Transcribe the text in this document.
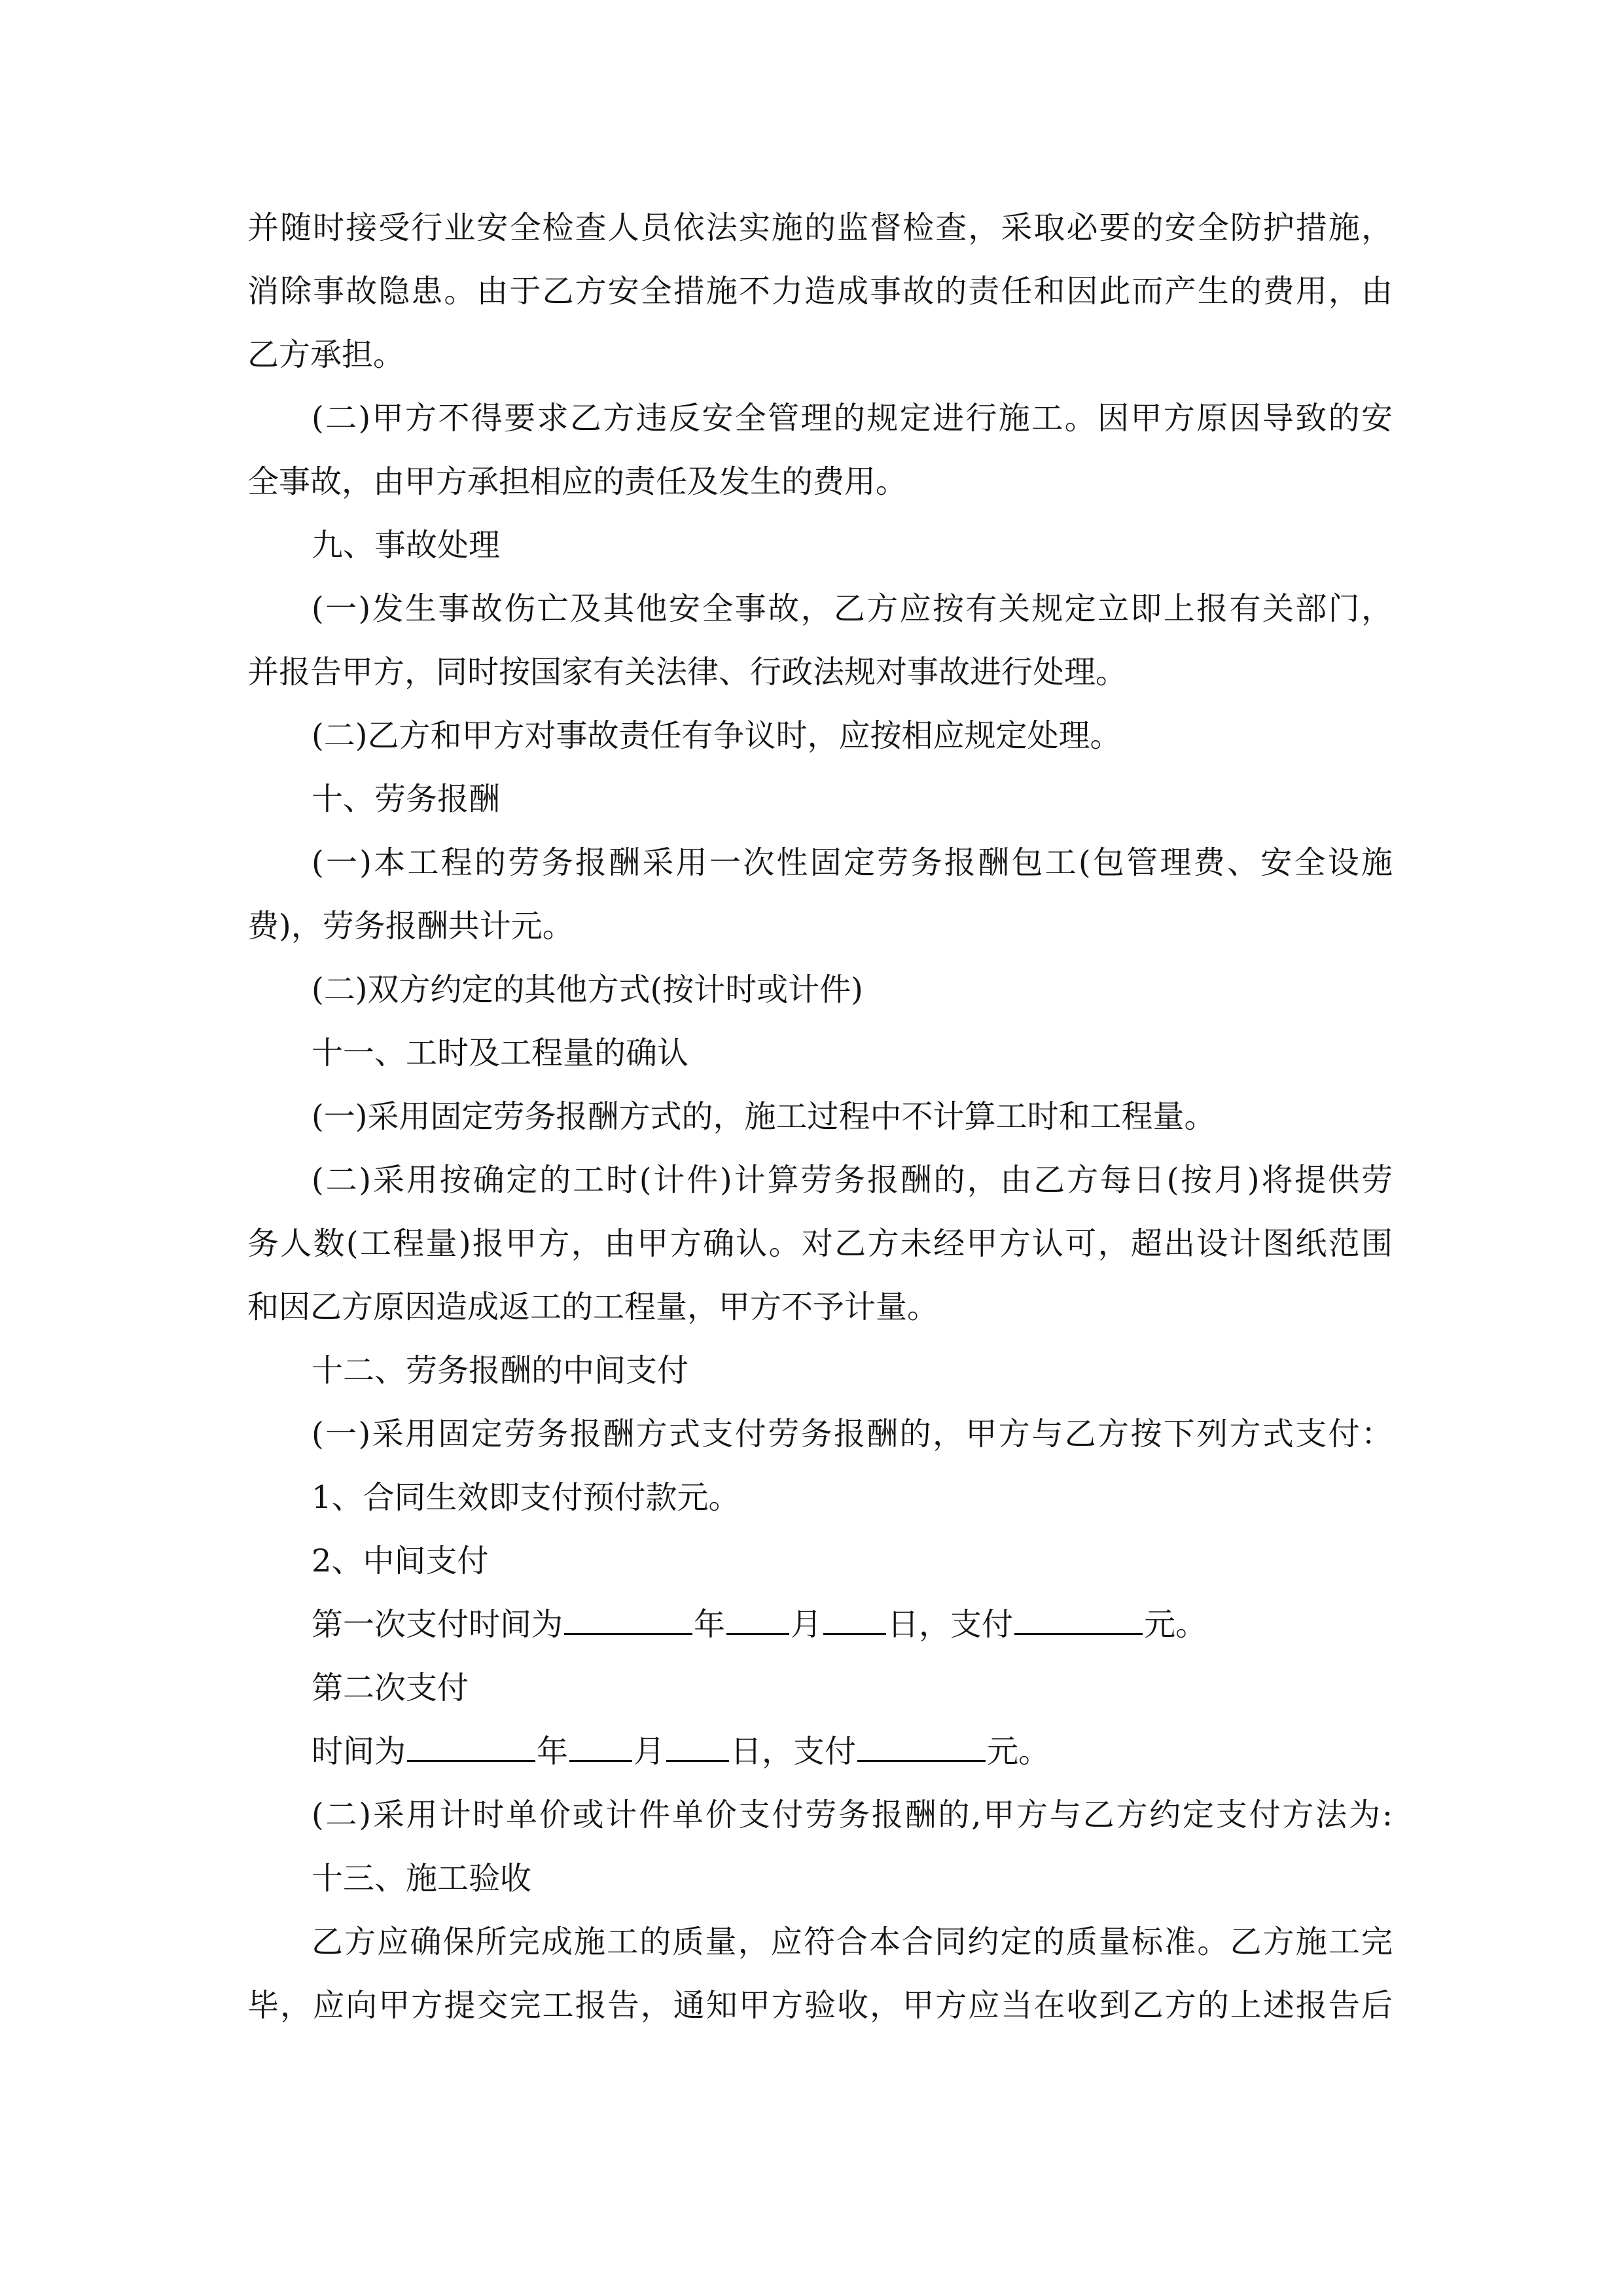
并随时接受行业安全检查人员依法实施的监督检查，采取必要的安全防护措施，
消除事故隐患。由于乙方安全措施不力造成事故的责任和因此而产生的费用，由
乙方承担。
(二)甲方不得要求乙方违反安全管理的规定进行施工。因甲方原因导致的安
全事故，由甲方承担相应的责任及发生的费用。
九、事故处理
(一)发生事故伤亡及其他安全事故，乙方应按有关规定立即上报有关部门，
并报告甲方，同时按国家有关法律、行政法规对事故进行处理。
(二)乙方和甲方对事故责任有争议时，应按相应规定处理。
十、劳务报酬
(一)本工程的劳务报酬采用一次性固定劳务报酬包工(包管理费、安全设施
费)，劳务报酬共计元。
(二)双方约定的其他方式(按计时或计件)
十一、工时及工程量的确认
(一)采用固定劳务报酬方式的，施工过程中不计算工时和工程量。
(二)采用按确定的工时(计件)计算劳务报酬的，由乙方每日(按月)将提供劳
务人数(工程量)报甲方，由甲方确认。对乙方未经甲方认可，超出设计图纸范围
和因乙方原因造成返工的工程量，甲方不予计量。
十二、劳务报酬的中间支付
(一)采用固定劳务报酬方式支付劳务报酬的，甲方与乙方按下列方式支付：
1、合同生效即支付预付款元。
2、中间支付
第一次支付时间为	年 月 日，支付	元。
第二次支付
时间为	年 月 日，支付	元。
(二)采用计时单价或计件单价支付劳务报酬的,甲方与乙方约定支付方法为:
十三、施工验收
乙方应确保所完成施工的质量，应符合本合同约定的质量标准。乙方施工完
毕，应向甲方提交完工报告，通知甲方验收，甲方应当在收到乙方的上述报告后
